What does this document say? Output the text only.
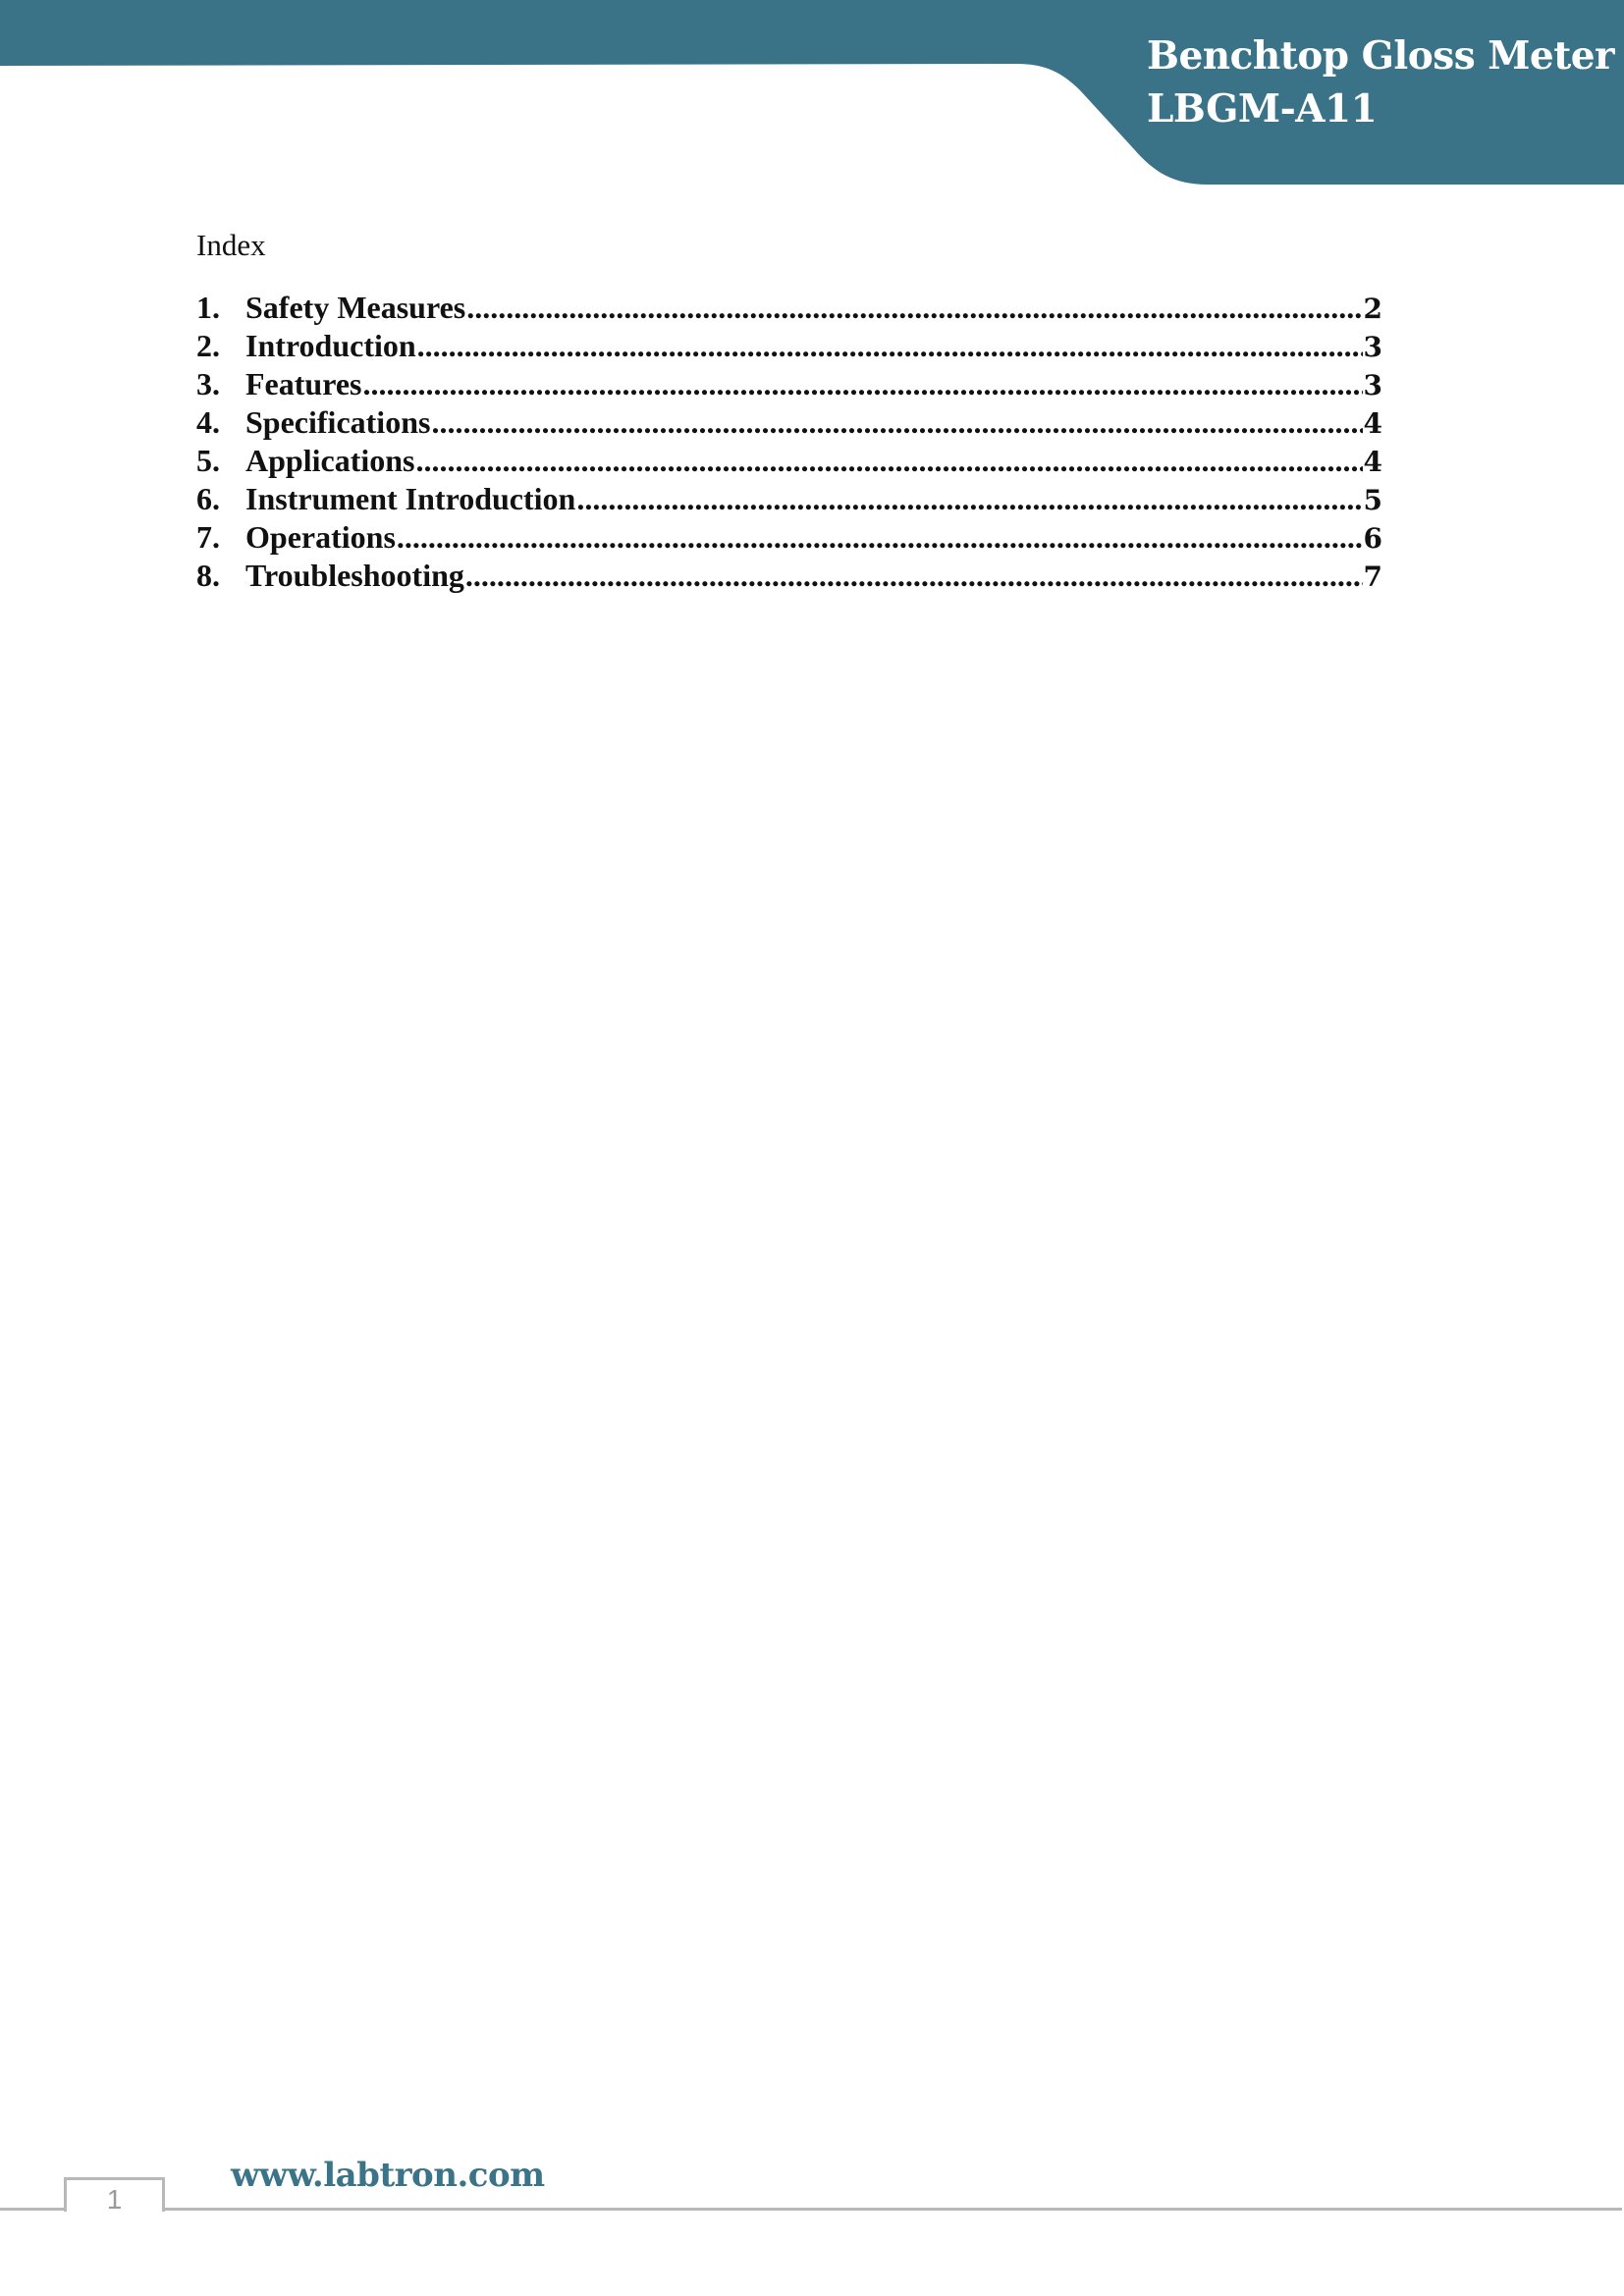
Benchtop Gloss Meter
LBGM-A11
Index
1. Safety Measures .....	2
2. Introduction .....	3
3. Features .....	3
4. Specifications .....	4
5. Applications .....	4
6. Instrument Introduction .....	5
7. Operations .....	6
8. Troubleshooting .....	7
1
www.labtron.com
